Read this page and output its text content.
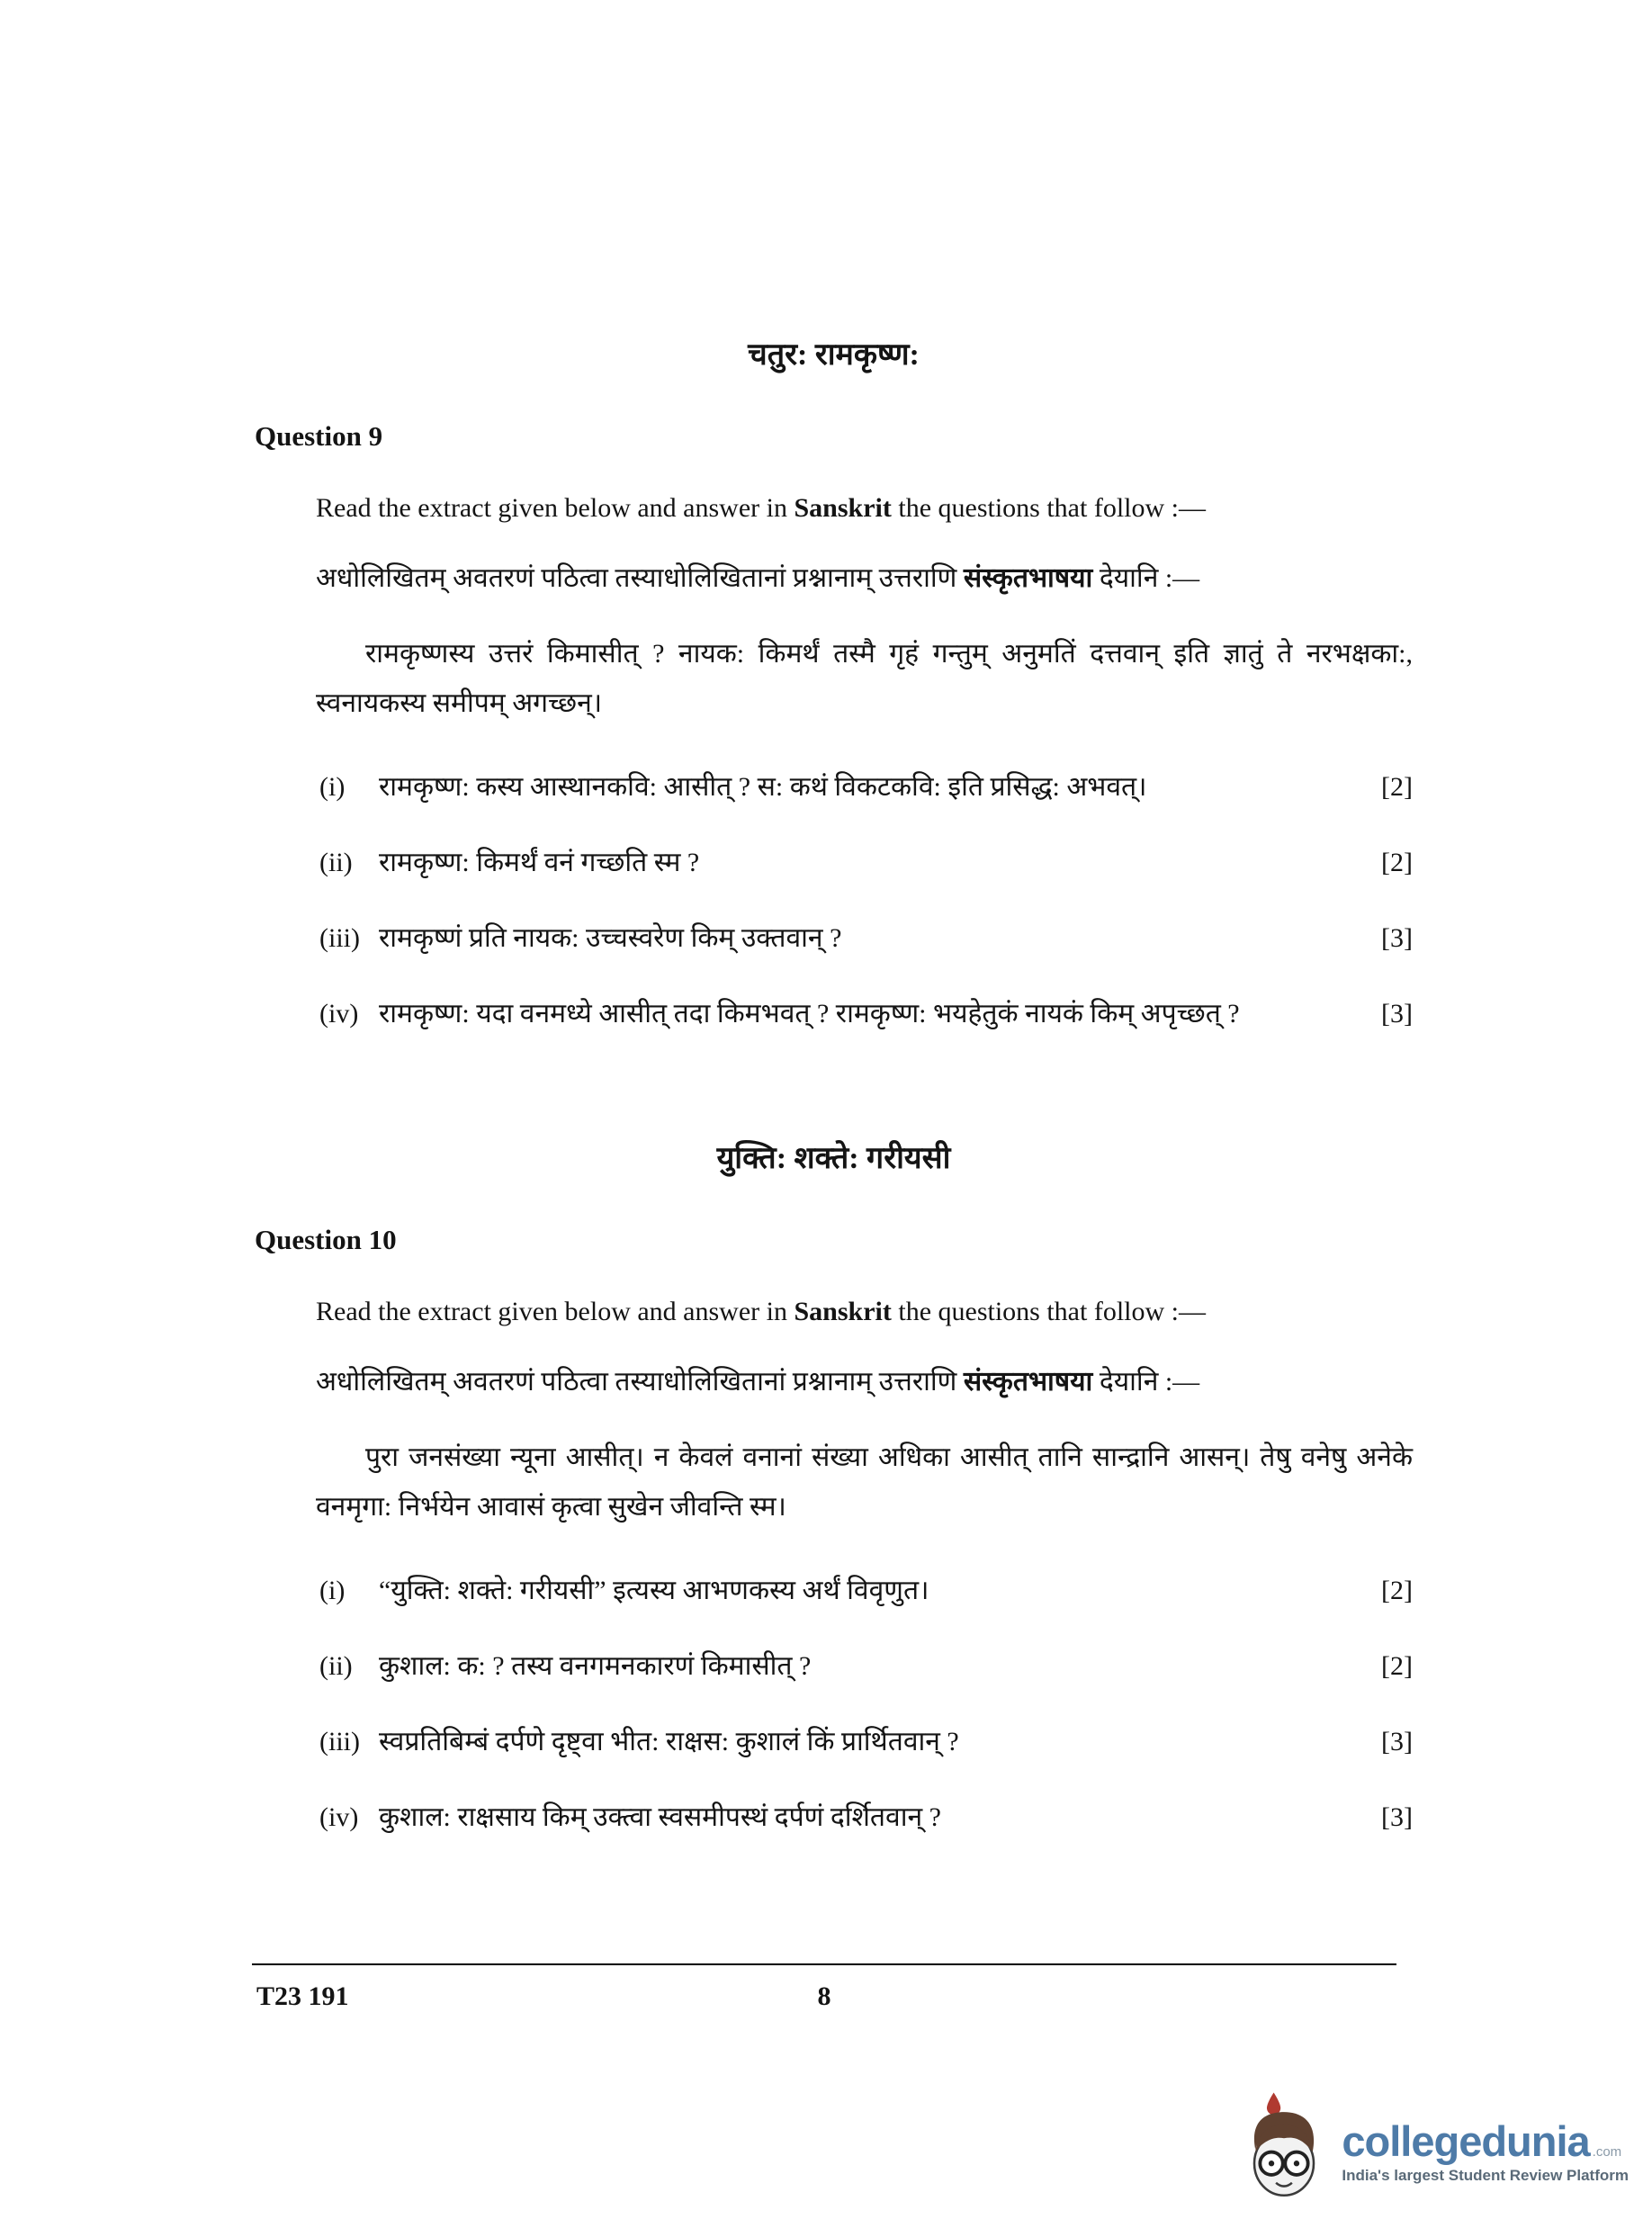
चतुर: रामकृष्ण:
Question 9

Read the extract given below and answer in Sanskrit the questions that follow :—

अधोलिखितम् अवतरणं पठित्वा तस्याधोलिखितानां प्रश्नानाम् उत्तराणि संस्कृतभाषया देयानि :—

रामकृष्णस्य उत्तरं किमासीत् ? नायक: किमर्थं तस्मै गृहं गन्तुम् अनुमतिं दत्तवान् इति ज्ञातुं ते नरभक्षका:, स्वनायकस्य समीपम् अगच्छन्।

(i)	रामकृष्ण: कस्य आस्थानकवि: आसीत् ? स: कथं विकटकवि: इति प्रसिद्ध: अभवत्।	[2]
(ii) रामकृष्ण: किमर्थं वनं गच्छति स्म ?	[2]
(iii) रामकृष्णं प्रति नायक: उच्चस्वरेण किम् उक्तवान् ?	[3]
(iv) रामकृष्ण: यदा वनमध्ये आसीत् तदा किमभवत् ? रामकृष्ण: भयहेतुकं नायकं किम् अपृच्छत् ?	[3]
युक्ति: शक्ते: गरीयसी
Question 10

Read the extract given below and answer in Sanskrit the questions that follow :—

अधोलिखितम् अवतरणं पठित्वा तस्याधोलिखितानां प्रश्नानाम् उत्तराणि संस्कृतभाषया देयानि :—

पुरा जनसंख्या न्यूना आसीत्। न केवलं वनानां संख्या अधिका आसीत् तानि सान्द्रानि आसन्। तेषु वनेषु अनेके वनमृगा: निर्भयेन आवासं कृत्वा सुखेन जीवन्ति स्म।

(i)	“युक्ति: शक्ते: गरीयसी” इत्यस्य आभणकस्य अर्थं विवृणुत।	[2]
(ii) कुशाल: क: ? तस्य वनगमनकारणं किमासीत् ?	[2]
(iii) स्वप्रतिबिम्बं दर्पणे दृष्ट्वा भीत: राक्षस: कुशालं किं प्रार्थितवान् ?	[3]
(iv) कुशाल: राक्षसाय किम् उक्त्वा स्वसमीपस्थं दर्पणं दर्शितवान् ?	[3]
T23 191	8
collegedunia .com
India's largest Student Review Platform
